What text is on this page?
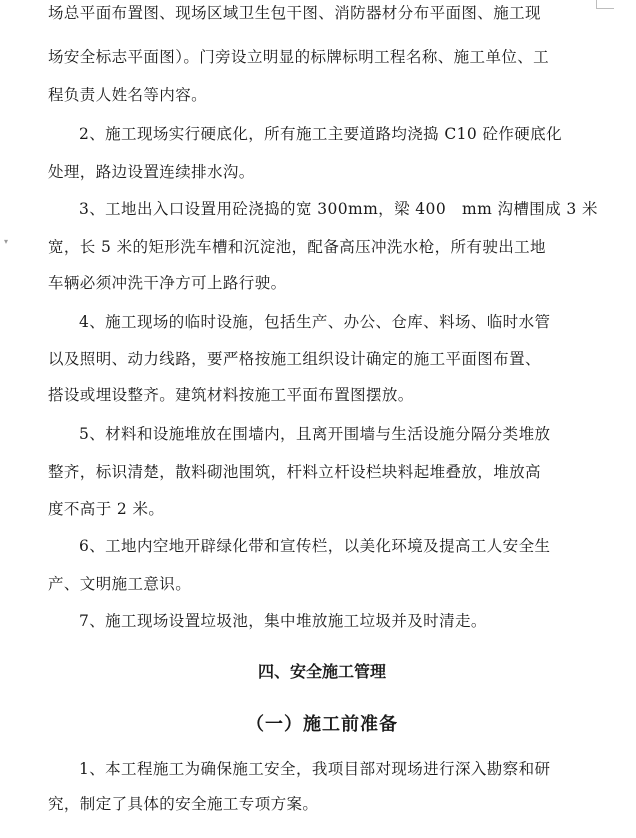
▾
场总平面布置图、现场区域卫生包干图、消防器材分布平面图、施工现
场安全标志平面图）。门旁设立明显的标牌标明工程名称、施工单位、工
程负责人姓名等内容。
2、施工现场实行硬底化，所有施工主要道路均浇捣 C10 砼作硬底化
处理，路边设置连续排水沟。
3、工地出入口设置用砼浇捣的宽 300mm，梁 400　mm 沟槽围成 3 米
宽，长 5 米的矩形洗车槽和沉淀池，配备高压冲洗水枪，所有驶出工地
车辆必须冲洗干净方可上路行驶。
4、施工现场的临时设施，包括生产、办公、仓库、料场、临时水管
以及照明、动力线路，要严格按施工组织设计确定的施工平面图布置、
搭设或埋设整齐。建筑材料按施工平面布置图摆放。
5、材料和设施堆放在围墙内，且离开围墙与生活设施分隔分类堆放
整齐，标识清楚，散料砌池围筑，杆料立杆设栏块料起堆叠放，堆放高
度不高于 2 米。
6、工地内空地开辟绿化带和宣传栏，以美化环境及提高工人安全生
产、文明施工意识。
7、施工现场设置垃圾池，集中堆放施工垃圾并及时清走。
四、安全施工管理
（一）施工前准备
1、本工程施工为确保施工安全，我项目部对现场进行深入勘察和研
究，制定了具体的安全施工专项方案。
